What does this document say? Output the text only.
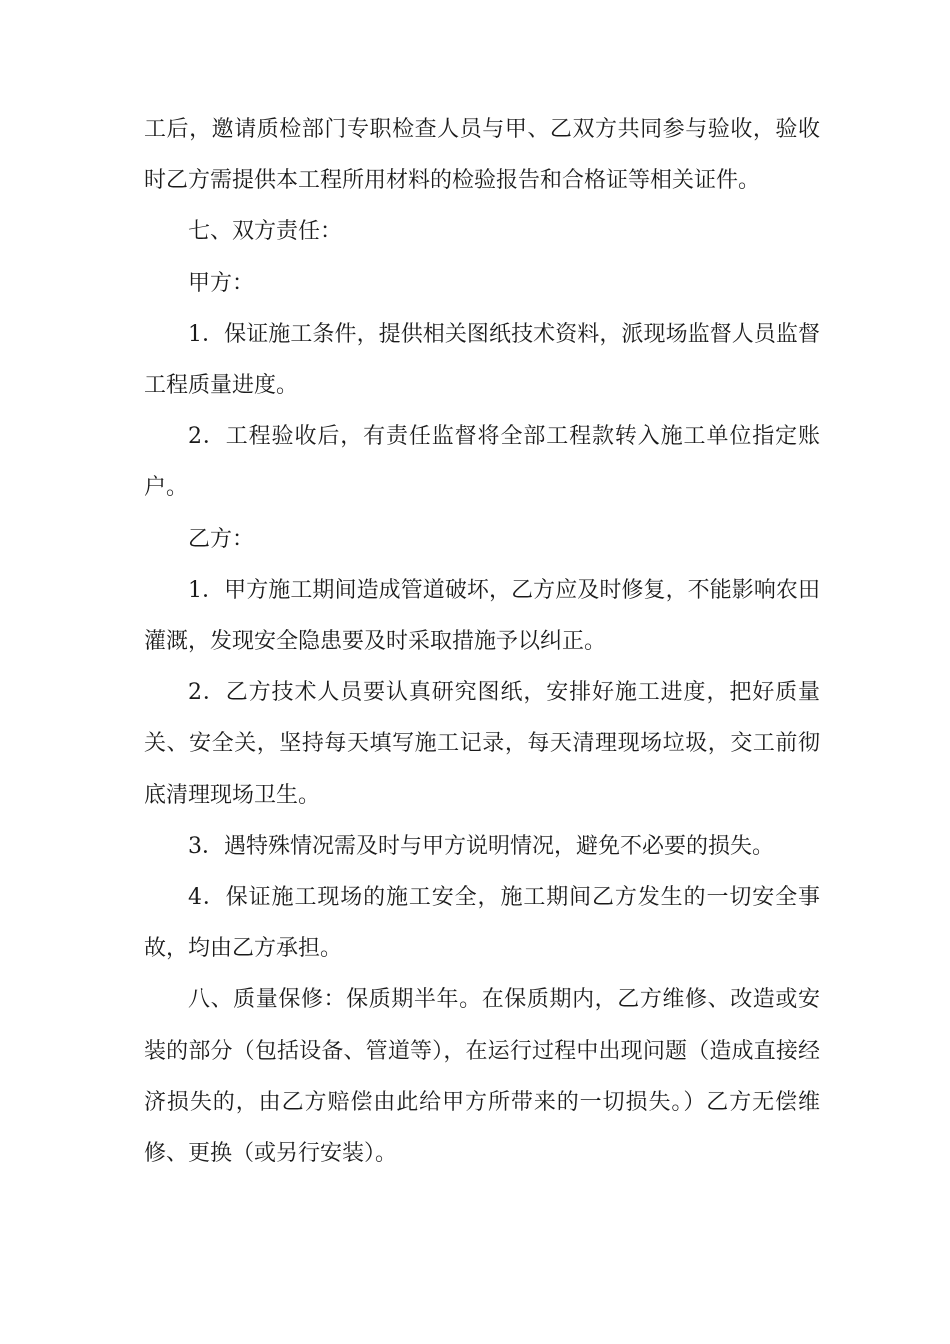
工后，邀请质检部门专职检查人员与甲、乙双方共同参与验收，验收时乙方需提供本工程所用材料的检验报告和合格证等相关证件。

七、双方责任：

甲方：

1．保证施工条件，提供相关图纸技术资料，派现场监督人员监督工程质量进度。

2．工程验收后，有责任监督将全部工程款转入施工单位指定账户。

乙方：

1．甲方施工期间造成管道破坏，乙方应及时修复，不能影响农田灌溉，发现安全隐患要及时采取措施予以纠正。

2．乙方技术人员要认真研究图纸，安排好施工进度，把好质量关、安全关，坚持每天填写施工记录，每天清理现场垃圾，交工前彻底清理现场卫生。

3．遇特殊情况需及时与甲方说明情况，避免不必要的损失。

4．保证施工现场的施工安全，施工期间乙方发生的一切安全事故，均由乙方承担。

八、质量保修：保质期半年。在保质期内，乙方维修、改造或安装的部分（包括设备、管道等），在运行过程中出现问题（造成直接经济损失的，由乙方赔偿由此给甲方所带来的一切损失。）乙方无偿维修、更换（或另行安装）。
